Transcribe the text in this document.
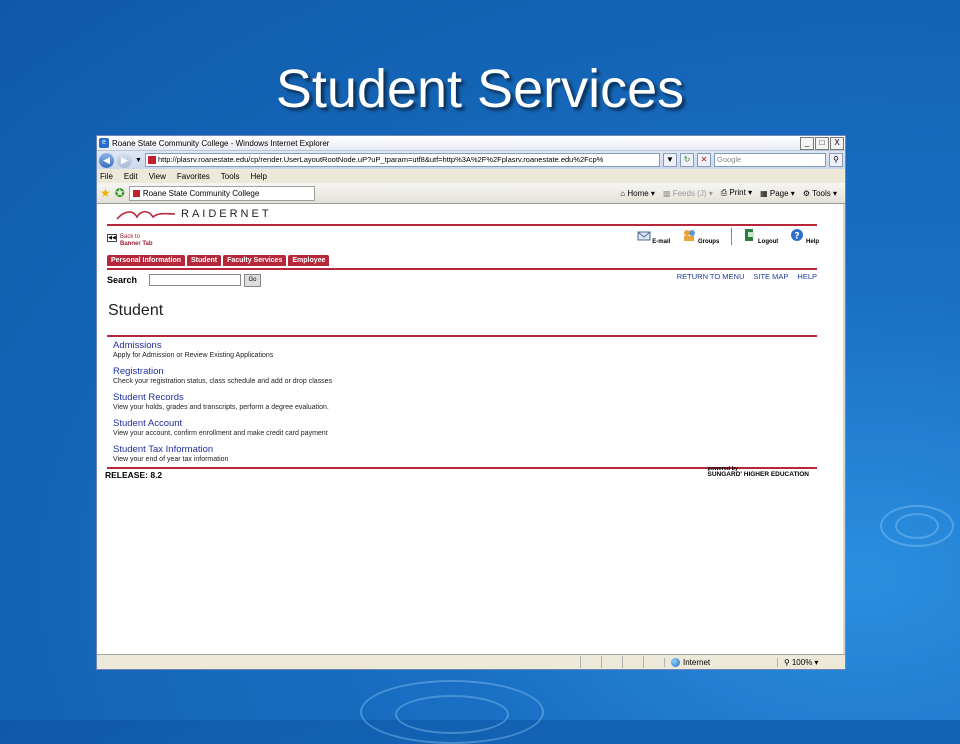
Student Services
e Roane State Community College - Windows Internet Explorer	_	□	X
◀	▶	▼	http://plasrv.roanestate.edu/cp/render.UserLayoutRootNode.uP?uP_tparam=utf8&utf=http%3A%2F%2Fplasrv.roanestate.edu%2Fcp%	▼	↻	✕	Google	⚲
File Edit View Favorites Tools Help
★ ✪ Roane State Community College	⌂ Home ▾ ▩ Feeds (J) ▾ ⎙ Print ▾ ▦ Page ▾ ⚙ Tools ▾
RAIDERNET
◀◀ Back to
Banner Tab	E-mail	Groups	Logout
?
Help
Personal Information	Student	Faculty Services	Employee
Search	Go	RETURN TO MENU SITE MAP HELP
Student
Admissions
Apply for Admission or Review Existing Applications
Registration
Check your registration status, class schedule and add or drop classes
Student Records
View your holds, grades and transcripts, perform a degree evaluation.
Student Account
View your account, confirm enrollment and make credit card payment
Student Tax Information
View your end of year tax information
RELEASE: 8.2
powered by
SUNGARD' HIGHER EDUCATION
Internet	⚲ 100% ▾
